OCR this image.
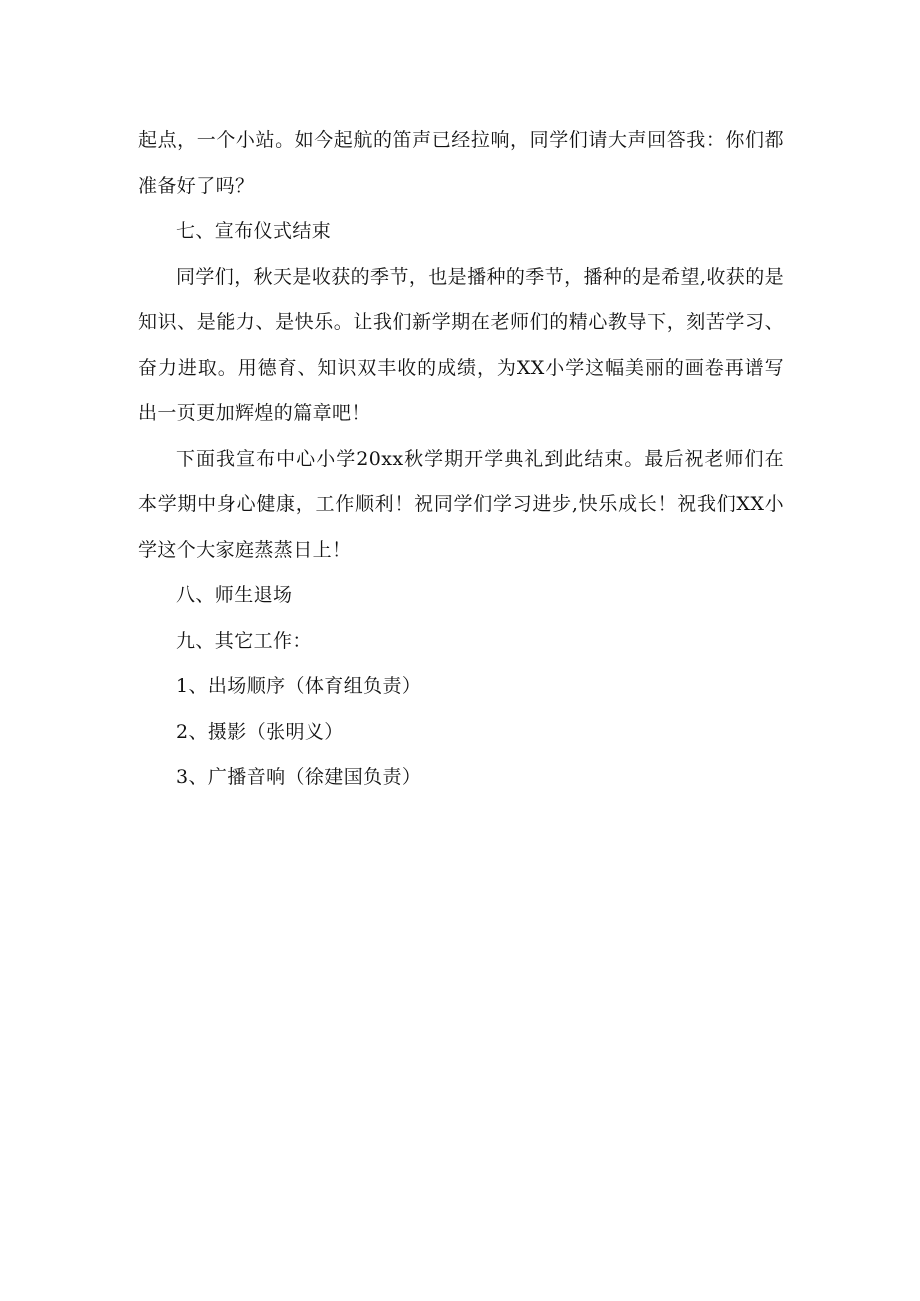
起点，一个小站。如今起航的笛声已经拉响，同学们请大声回答我：你们都准备好了吗？

七、宣布仪式结束

同学们，秋天是收获的季节，也是播种的季节，播种的是希望,收获的是知识、是能力、是快乐。让我们新学期在老师们的精心教导下，刻苦学习、奋力进取。用德育、知识双丰收的成绩，为XX小学这幅美丽的画卷再谱写出一页更加辉煌的篇章吧！

下面我宣布中心小学20xx秋学期开学典礼到此结束。最后祝老师们在本学期中身心健康，工作顺利！祝同学们学习进步,快乐成长！祝我们XX小学这个大家庭蒸蒸日上！

八、师生退场

九、其它工作：

1、出场顺序（体育组负责）

2、摄影（张明义）

3、广播音响（徐建国负责）
